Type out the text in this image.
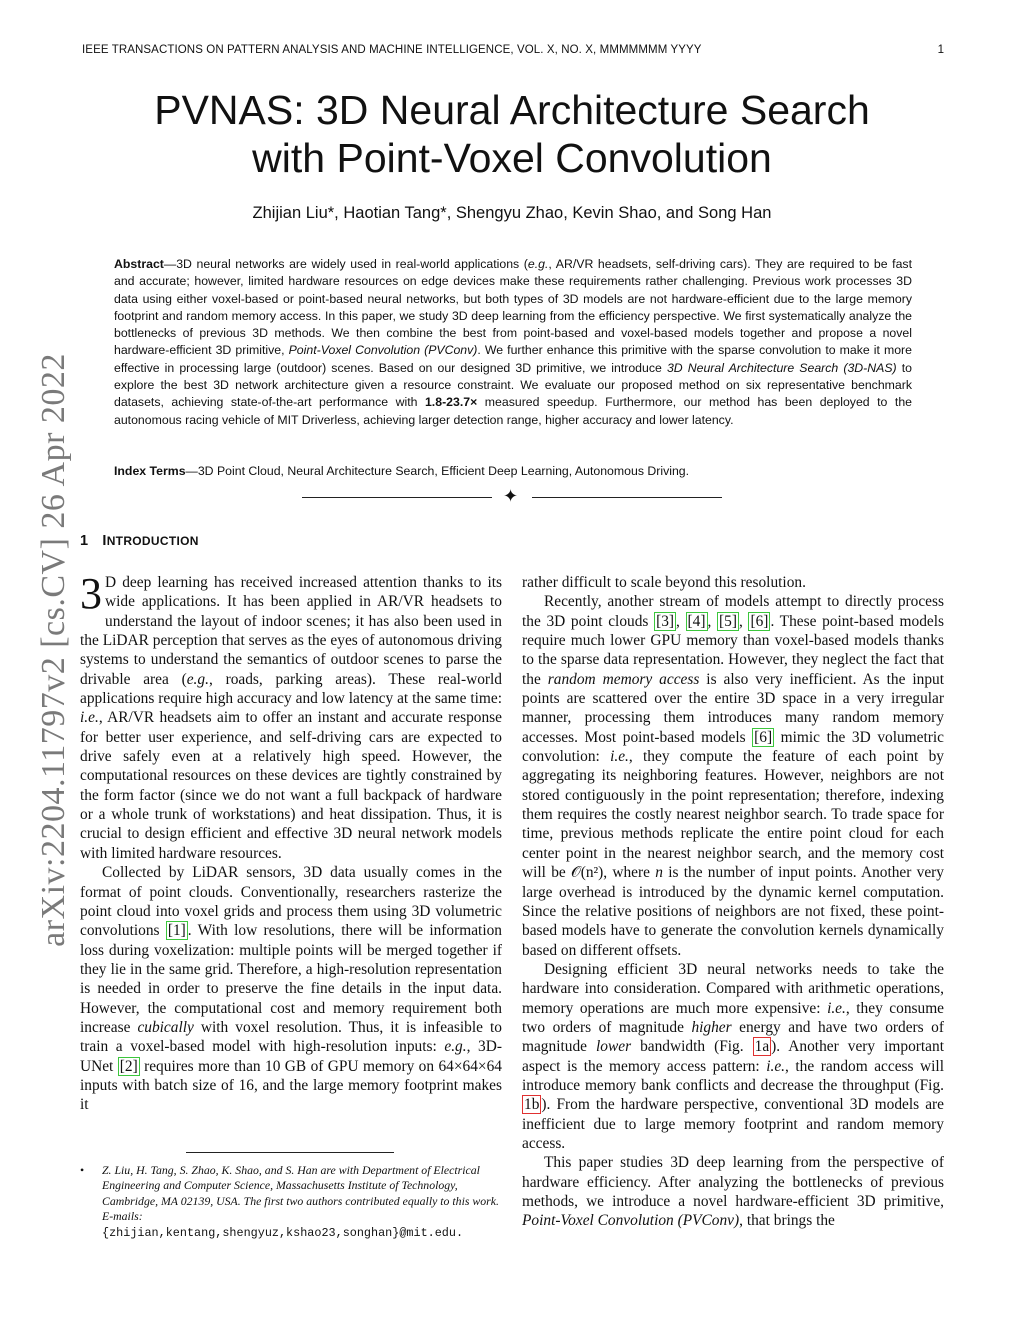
IEEE TRANSACTIONS ON PATTERN ANALYSIS AND MACHINE INTELLIGENCE, VOL. X, NO. X, MMMMMMM YYYY	1
arXiv:2204.11797v2 [cs.CV] 26 Apr 2022
PVNAS: 3D Neural Architecture Search
with Point-Voxel Convolution
Zhijian Liu*, Haotian Tang*, Shengyu Zhao, Kevin Shao, and Song Han

Abstract—3D neural networks are widely used in real-world applications (e.g., AR/VR headsets, self-driving cars). They are required to be fast and accurate; however, limited hardware resources on edge devices make these requirements rather challenging. Previous work processes 3D data using either voxel-based or point-based neural networks, but both types of 3D models are not hardware-efficient due to the large memory footprint and random memory access. In this paper, we study 3D deep learning from the efficiency perspective. We first systematically analyze the bottlenecks of previous 3D methods. We then combine the best from point-based and voxel-based models together and propose a novel hardware-efficient 3D primitive, Point-Voxel Convolution (PVConv). We further enhance this primitive with the sparse convolution to make it more effective in processing large (outdoor) scenes. Based on our designed 3D primitive, we introduce 3D Neural Architecture Search (3D-NAS) to explore the best 3D network architecture given a resource constraint. We evaluate our proposed method on six representative benchmark datasets, achieving state-of-the-art performance with 1.8-23.7× measured speedup. Furthermore, our method has been deployed to the autonomous racing vehicle of MIT Driverless, achieving larger detection range, higher accuracy and lower latency.

Index Terms—3D Point Cloud, Neural Architecture Search, Efficient Deep Learning, Autonomous Driving.
✦
1 INTRODUCTION

3 D deep learning has received increased attention thanks to its wide applications. It has been applied in AR/VR headsets to understand the layout of indoor scenes; it has also been used in the LiDAR perception that serves as the eyes of autonomous driving systems to understand the semantics of outdoor scenes to parse the drivable area (e.g., roads, parking areas). These real-world applications require high accuracy and low latency at the same time: i.e., AR/VR headsets aim to offer an instant and accurate response for better user experience, and self-driving cars are expected to drive safely even at a relatively high speed. However, the computational resources on these devices are tightly constrained by the form factor (since we do not want a full backpack of hardware or a whole trunk of workstations) and heat dissipation. Thus, it is crucial to design efficient and effective 3D neural network models with limited hardware resources.

Collected by LiDAR sensors, 3D data usually comes in the format of point clouds. Conventionally, researchers rasterize the point cloud into voxel grids and process them using 3D volumetric convolutions [1] . With low resolutions, there will be information loss during voxelization: multiple points will be merged together if they lie in the same grid. Therefore, a high-resolution representation is needed in order to preserve the fine details in the input data. However, the computational cost and memory requirement both increase cubically with voxel resolution. Thus, it is infeasible to train a voxel-based model with high-resolution inputs: e.g., 3D-UNet [2] requires more than 10 GB of GPU memory on 64×64×64 inputs with batch size of 16, and the large memory footprint makes it

rather difficult to scale beyond this resolution.

Recently, another stream of models attempt to directly process the 3D point clouds [3] , [4] , [5] , [6] . These point-based models require much lower GPU memory than voxel-based models thanks to the sparse data representation. However, they neglect the fact that the random memory access is also very inefficient. As the input points are scattered over the entire 3D space in a very irregular manner, processing them introduces many random memory accesses. Most point-based models [6] mimic the 3D volumetric convolution: i.e., they compute the feature of each point by aggregating its neighboring features. However, neighbors are not stored contiguously in the point representation; therefore, indexing them requires the costly nearest neighbor search. To trade space for time, previous methods replicate the entire point cloud for each center point in the nearest neighbor search, and the memory cost will be 𝒪(n²), where n is the number of input points. Another very large overhead is introduced by the dynamic kernel computation. Since the relative positions of neighbors are not fixed, these point-based models have to generate the convolution kernels dynamically based on different offsets.

Designing efficient 3D neural networks needs to take the hardware into consideration. Compared with arithmetic operations, memory operations are much more expensive: i.e., they consume two orders of magnitude higher energy and have two orders of magnitude lower bandwidth (Fig. 1a ). Another very important aspect is the memory access pattern: i.e., the random access will introduce memory bank conflicts and decrease the throughput (Fig. 1b ). From the hardware perspective, conventional 3D models are inefficient due to large memory footprint and random memory access.

This paper studies 3D deep learning from the perspective of hardware efficiency. After analyzing the bottlenecks of previous methods, we introduce a novel hardware-efficient 3D primitive, Point-Voxel Convolution (PVConv), that brings the

• Z. Liu, H. Tang, S. Zhao, K. Shao, and S. Han are with Department of Electrical Engineering and Computer Science, Massachusetts Institute of Technology, Cambridge, MA 02139, USA. The first two authors contributed equally to this work.
E-mails: {zhijian,kentang,shengyuz,kshao23,songhan}@mit.edu.
